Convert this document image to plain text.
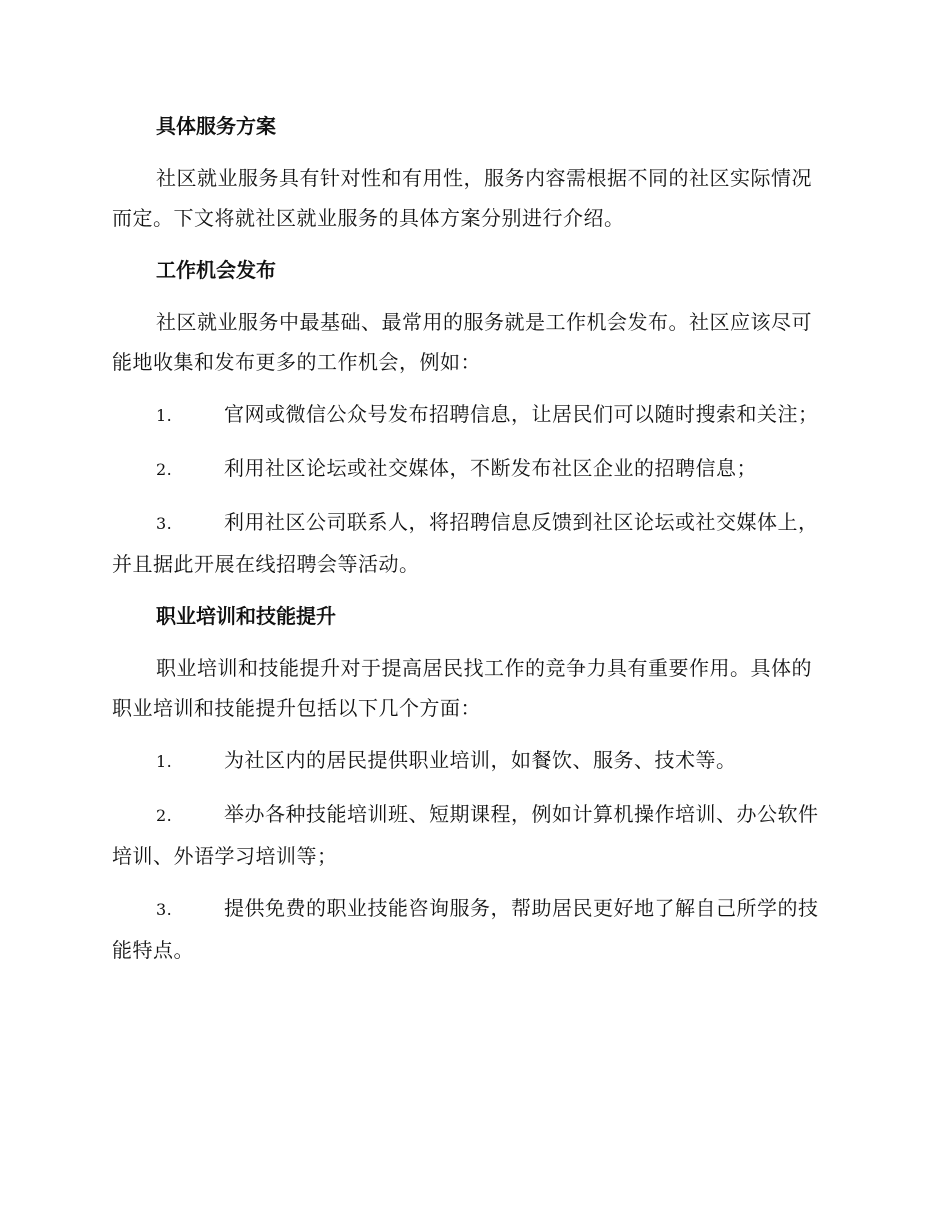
具体服务方案
社区就业服务具有针对性和有用性，服务内容需根据不同的社区实际情况而定。下文将就社区就业服务的具体方案分别进行介绍。
工作机会发布
社区就业服务中最基础、最常用的服务就是工作机会发布。社区应该尽可能地收集和发布更多的工作机会，例如：
1.	官网或微信公众号发布招聘信息，让居民们可以随时搜索和关注；
2.	利用社区论坛或社交媒体，不断发布社区企业的招聘信息；
3.	利用社区公司联系人，将招聘信息反馈到社区论坛或社交媒体上，并且据此开展在线招聘会等活动。
职业培训和技能提升
职业培训和技能提升对于提高居民找工作的竞争力具有重要作用。具体的职业培训和技能提升包括以下几个方面：
1.	为社区内的居民提供职业培训，如餐饮、服务、技术等。
2.	举办各种技能培训班、短期课程，例如计算机操作培训、办公软件培训、外语学习培训等；
3.	提供免费的职业技能咨询服务，帮助居民更好地了解自己所学的技能特点。
